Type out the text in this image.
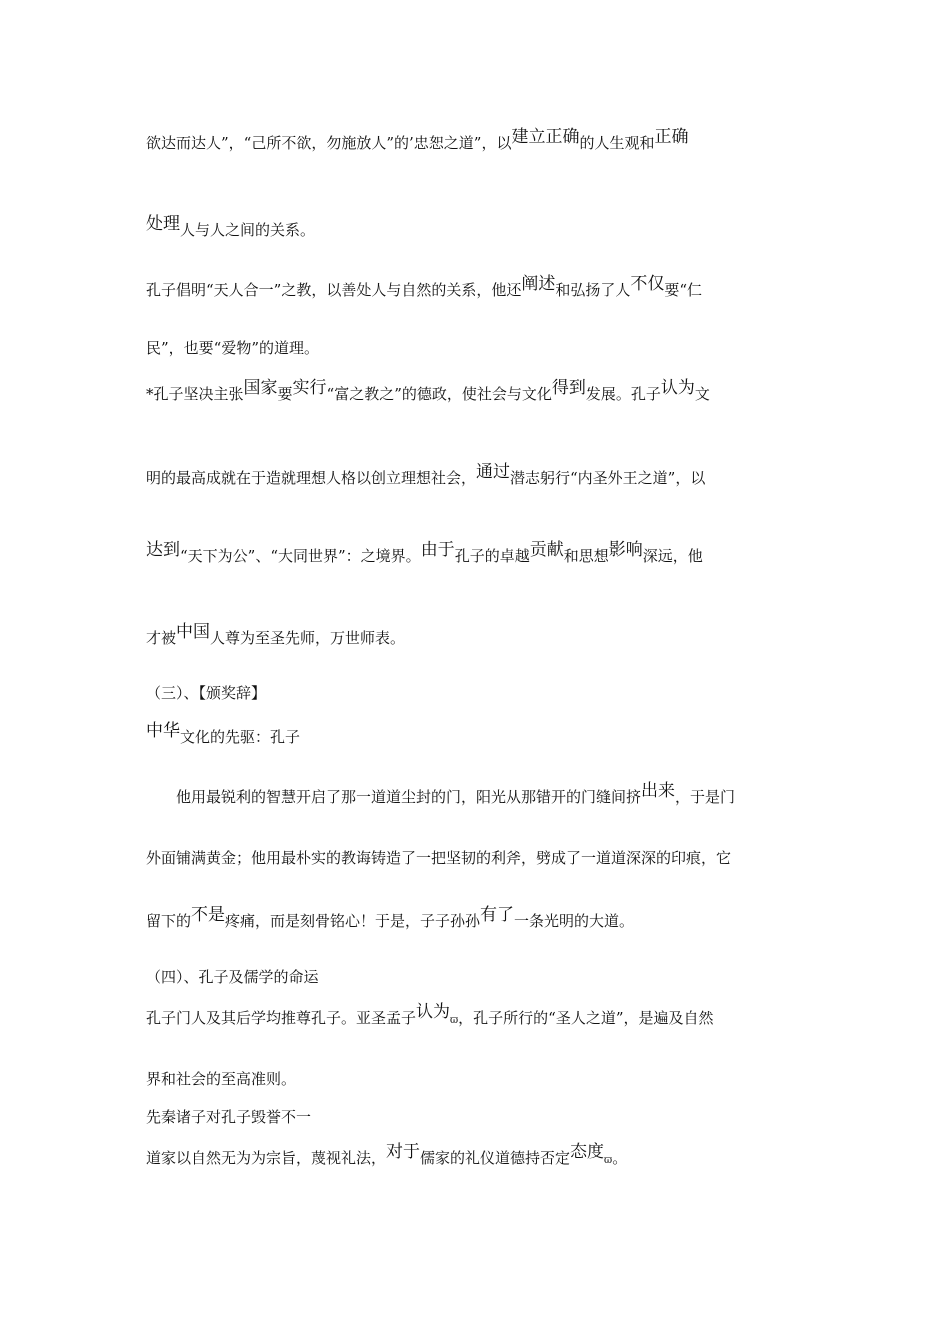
欲达而达人”，“己所不欲，勿施放人”的’忠恕之道”，以建立正确的人生观和正确
处理人与人之间的关系。
孔子倡明“天人合一”之教，以善处人与自然的关系，他还阐述和弘扬了人不仅要“仁
民”，也要“爱物”的道理。
*孔子坚决主张国家要实行“富之教之”的德政，使社会与文化得到发展。孔子认为文
明的最高成就在于造就理想人格以创立理想社会，通过潜志躬行“内圣外王之道”，以
达到“天下为公”、“大同世界”：之境界。由于孔子的卓越贡献和思想影响深远，他
才被中国人尊为至圣先师，万世师表。
（三）、【颁奖辞】
中华文化的先驱：孔子
他用最锐利的智慧开启了那一道道尘封的门，阳光从那错开的门缝间挤出来，于是门
外面铺满黄金；他用最朴实的教诲铸造了一把坚韧的利斧，劈成了一道道深深的印痕，它
留下的不是疼痛，而是刻骨铭心！于是，子子孙孙有了一条光明的大道。
（四）、孔子及儒学的命运
孔子门人及其后学均推尊孔子。亚圣孟子认为ϖ，孔子所行的“圣人之道”，是遍及自然
界和社会的至高准则。
先秦诸子对孔子毁誉不一
道家以自然无为为宗旨，蔑视礼法，对于儒家的礼仪道德持否定态度ϖ。
